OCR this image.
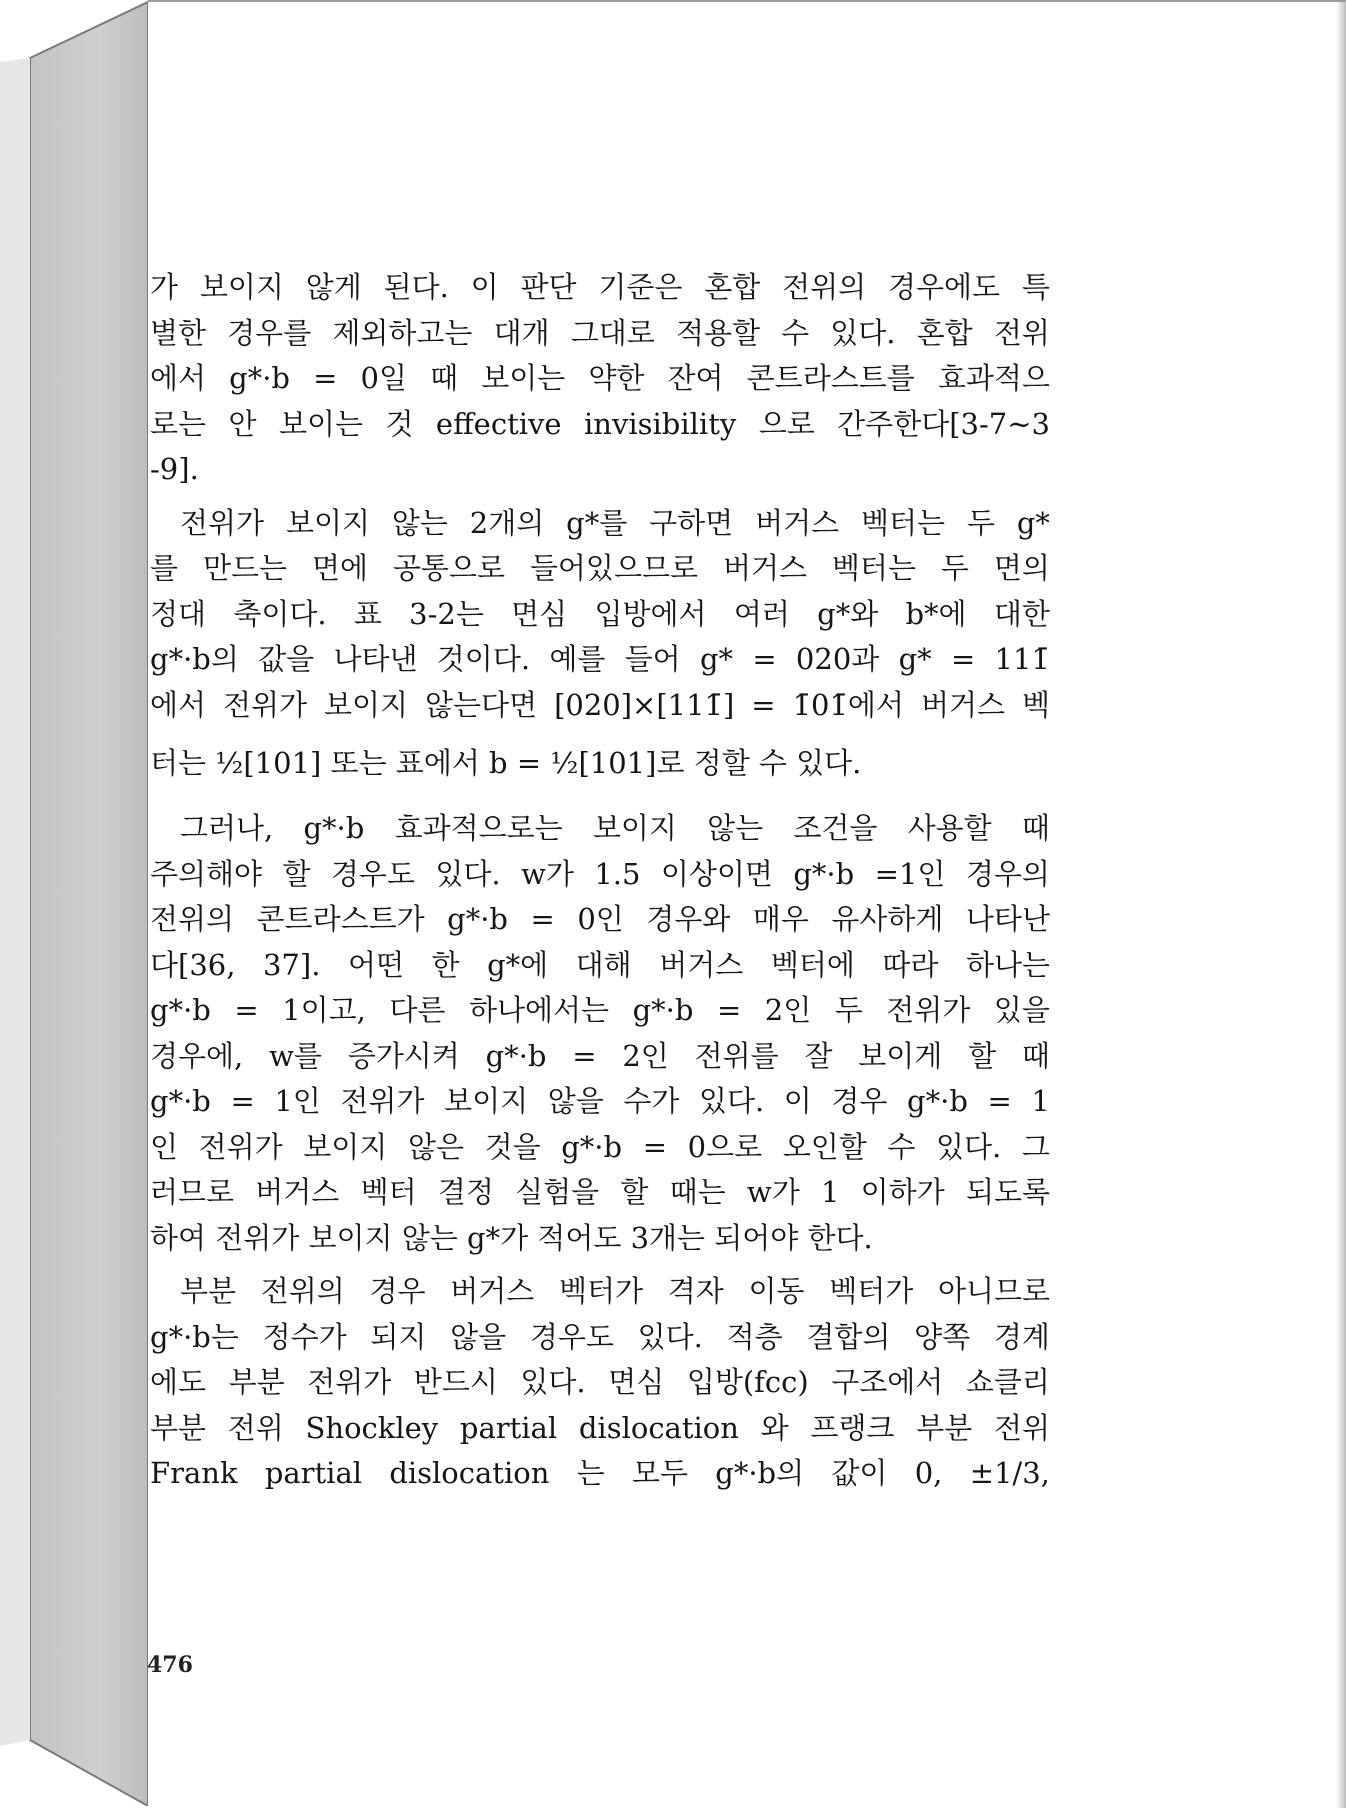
가 보이지 않게 된다. 이 판단 기준은 혼합 전위의 경우에도 특
별한 경우를 제외하고는 대개 그대로 적용할 수 있다. 혼합 전위
에서 g*·b = 0일 때 보이는 약한 잔여 콘트라스트를 효과적으
로는 안 보이는 것 effective invisibility 으로 간주한다[3-7∼3
-9].
전위가 보이지 않는 2개의 g*를 구하면 버거스 벡터는 두 g*
를 만드는 면에 공통으로 들어있으므로 버거스 벡터는 두 면의
정대 축이다. 표 3-2는 면심 입방에서 여러 g*와 b*에 대한
g*·b의 값을 나타낸 것이다. 예를 들어 g* = 020과 g* = 111̄
에서 전위가 보이지 않는다면 [020]×[111̄] = 1̄01̄에서 버거스 벡
터는 ½[101] 또는 표에서 b = ½[101]로 정할 수 있다.
그러나, g*·b 효과적으로는 보이지 않는 조건을 사용할 때
주의해야 할 경우도 있다. w가 1.5 이상이면 g*·b =1인 경우의
전위의 콘트라스트가 g*·b = 0인 경우와 매우 유사하게 나타난
다[36, 37]. 어떤 한 g*에 대해 버거스 벡터에 따라 하나는
g*·b = 1이고, 다른 하나에서는 g*·b = 2인 두 전위가 있을
경우에, w를 증가시켜 g*·b = 2인 전위를 잘 보이게 할 때
g*·b = 1인 전위가 보이지 않을 수가 있다. 이 경우 g*·b = 1
인 전위가 보이지 않은 것을 g*·b = 0으로 오인할 수 있다. 그
러므로 버거스 벡터 결정 실험을 할 때는 w가 1 이하가 되도록
하여 전위가 보이지 않는 g*가 적어도 3개는 되어야 한다.
부분 전위의 경우 버거스 벡터가 격자 이동 벡터가 아니므로
g*·b는 정수가 되지 않을 경우도 있다. 적층 결합의 양쪽 경계
에도 부분 전위가 반드시 있다. 면심 입방(fcc) 구조에서 쇼클리
부분 전위 Shockley partial dislocation 와 프랭크 부분 전위
Frank partial dislocation 는 모두 g*·b의 값이 0, ±1/3,
476
